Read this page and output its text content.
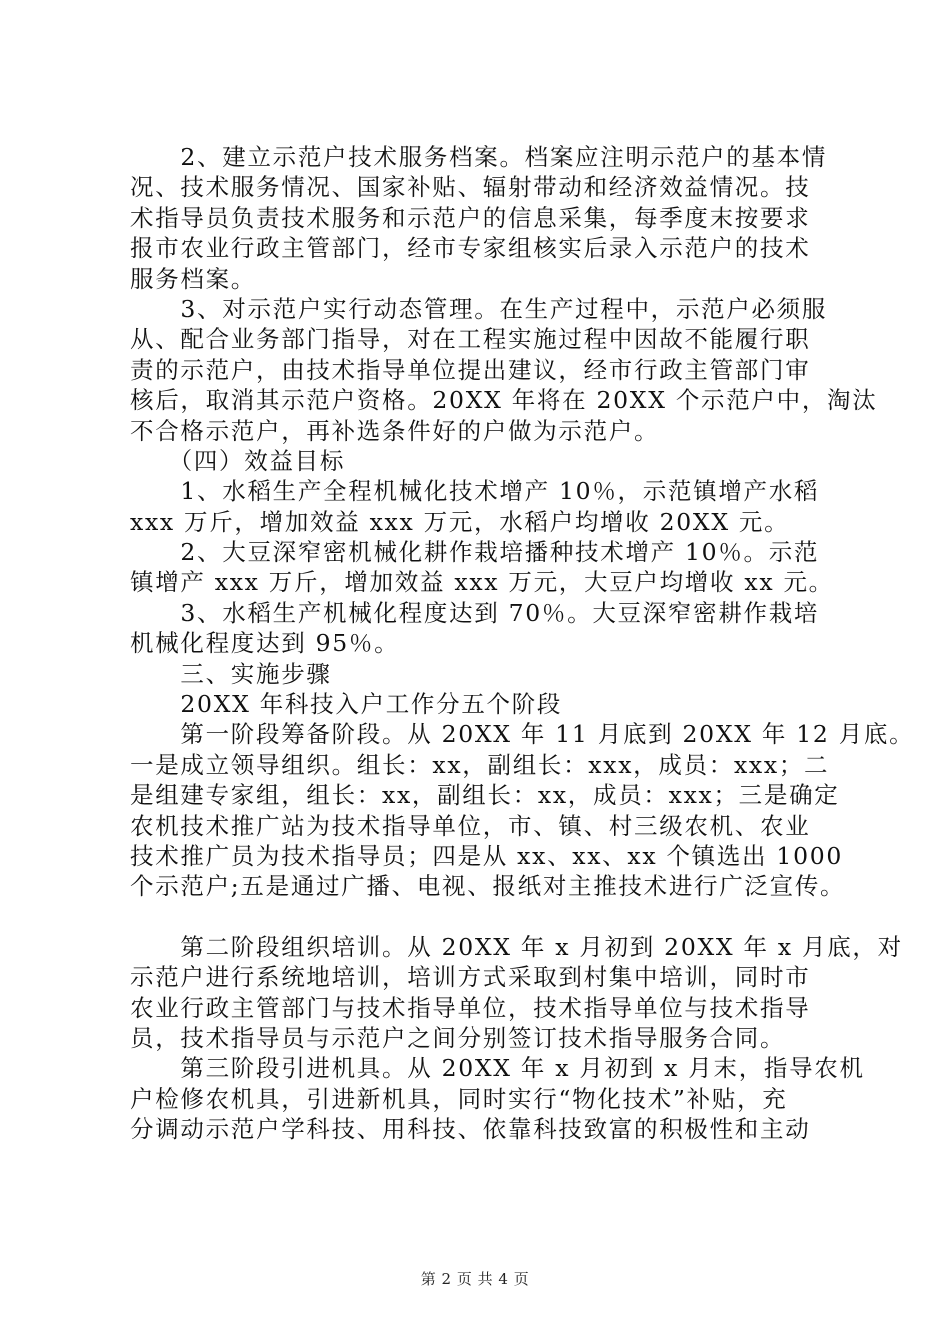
　　2、建立示范户技术服务档案。档案应注明示范户的基本情
况、技术服务情况、国家补贴、辐射带动和经济效益情况。技
术指导员负责技术服务和示范户的信息采集，每季度末按要求
报市农业行政主管部门，经市专家组核实后录入示范户的技术
服务档案。
　　3、对示范户实行动态管理。在生产过程中，示范户必须服
从、配合业务部门指导，对在工程实施过程中因故不能履行职
责的示范户，由技术指导单位提出建议，经市行政主管部门审
核后，取消其示范户资格。20XX 年将在 20XX 个示范户中，淘汰
不合格示范户，再补选条件好的户做为示范户。
　　（四）效益目标
　　1、水稻生产全程机械化技术增产 10％，示范镇增产水稻
xxx 万斤，增加效益 xxx 万元，水稻户均增收 20XX 元。
　　2、大豆深窄密机械化耕作栽培播种技术增产 10％。示范
镇增产 xxx 万斤，增加效益 xxx 万元，大豆户均增收 xx 元。
　　3、水稻生产机械化程度达到 70％。大豆深窄密耕作栽培
机械化程度达到 95％。
　　三、实施步骤
　　20XX 年科技入户工作分五个阶段
　　第一阶段筹备阶段。从 20XX 年 11 月底到 20XX 年 12 月底。
一是成立领导组织。组长：xx，副组长：xxx，成员：xxx；二
是组建专家组，组长：xx，副组长：xx，成员：xxx；三是确定
农机技术推广站为技术指导单位，市、镇、村三级农机、农业
技术推广员为技术指导员；四是从 xx、xx、xx 个镇选出 1000
个示范户;五是通过广播、电视、报纸对主推技术进行广泛宣传。
　　第二阶段组织培训。从 20XX 年 x 月初到 20XX 年 x 月底，对
示范户进行系统地培训，培训方式采取到村集中培训，同时市
农业行政主管部门与技术指导单位，技术指导单位与技术指导
员，技术指导员与示范户之间分别签订技术指导服务合同。
　　第三阶段引进机具。从 20XX 年 x 月初到 x 月末，指导农机
户检修农机具，引进新机具，同时实行“物化技术”补贴，充
分调动示范户学科技、用科技、依靠科技致富的积极性和主动
第 2 页 共 4 页
